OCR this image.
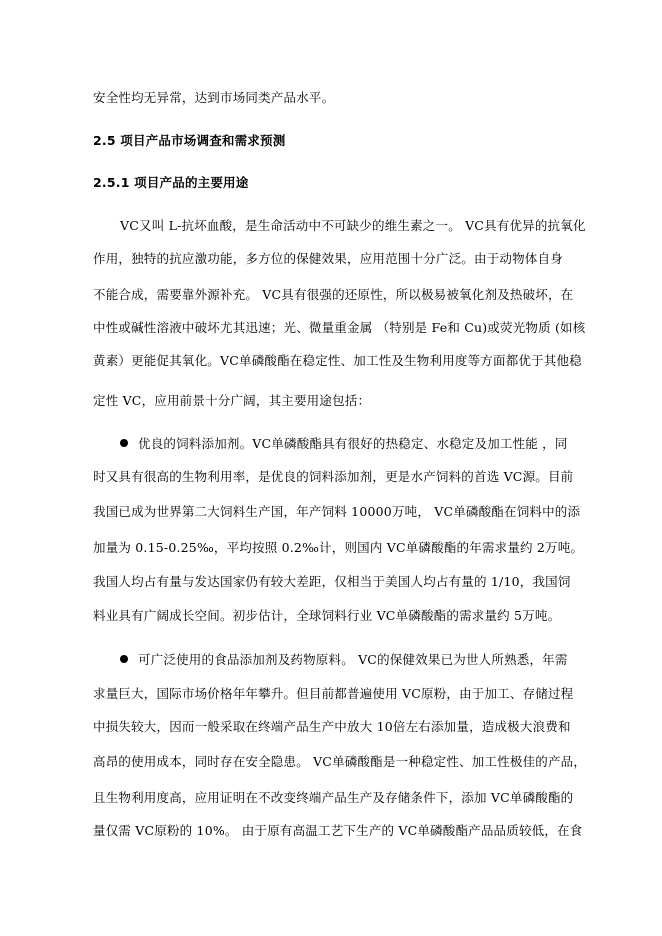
安全性均无异常，达到市场同类产品水平。
2.5 项目产品市场调查和需求预测
2.5.1 项目产品的主要用途
VC又叫 L-抗坏血酸，是生命活动中不可缺少的维生素之一。 VC具有优异的抗氧化
作用，独特的抗应激功能，多方位的保健效果，应用范围十分广泛。由于动物体自身
不能合成，需要靠外源补充。 VC具有很强的还原性，所以极易被氧化剂及热破坏，在
中性或碱性溶液中破坏尤其迅速；光、微量重金属 （特别是 Fe和 Cu)或荧光物质 (如核
黄素）更能促其氧化。VC单磷酸酯在稳定性、加工性及生物利用度等方面都优于其他稳
定性 VC，应用前景十分广阔，其主要用途包括：
优良的饲料添加剂。VC单磷酸酯具有很好的热稳定、水稳定及加工性能 ，同
时又具有很高的生物利用率，是优良的饲料添加剂，更是水产饲料的首选 VC源。目前
我国已成为世界第二大饲料生产国，年产饲料 10000万吨， VC单磷酸酯在饲料中的添
加量为 0.15-0.25‰，平均按照 0.2‰计，则国内 VC单磷酸酯的年需求量约 2万吨。
我国人均占有量与发达国家仍有较大差距，仅相当于美国人均占有量的 1/10，我国饲
料业具有广阔成长空间。初步估计，全球饲料行业 VC单磷酸酯的需求量约 5万吨。
可广泛使用的食品添加剂及药物原料。 VC的保健效果已为世人所熟悉，年需
求量巨大，国际市场价格年年攀升。但目前都普遍使用 VC原粉，由于加工、存储过程
中损失较大，因而一般采取在终端产品生产中放大 10倍左右添加量，造成极大浪费和
高昂的使用成本，同时存在安全隐患。 VC单磷酸酯是一种稳定性、加工性极佳的产品，
且生物利用度高，应用证明在不改变终端产品生产及存储条件下，添加 VC单磷酸酯的
量仅需 VC原粉的 10%。 由于原有高温工艺下生产的 VC单磷酸酯产品品质较低，在食
